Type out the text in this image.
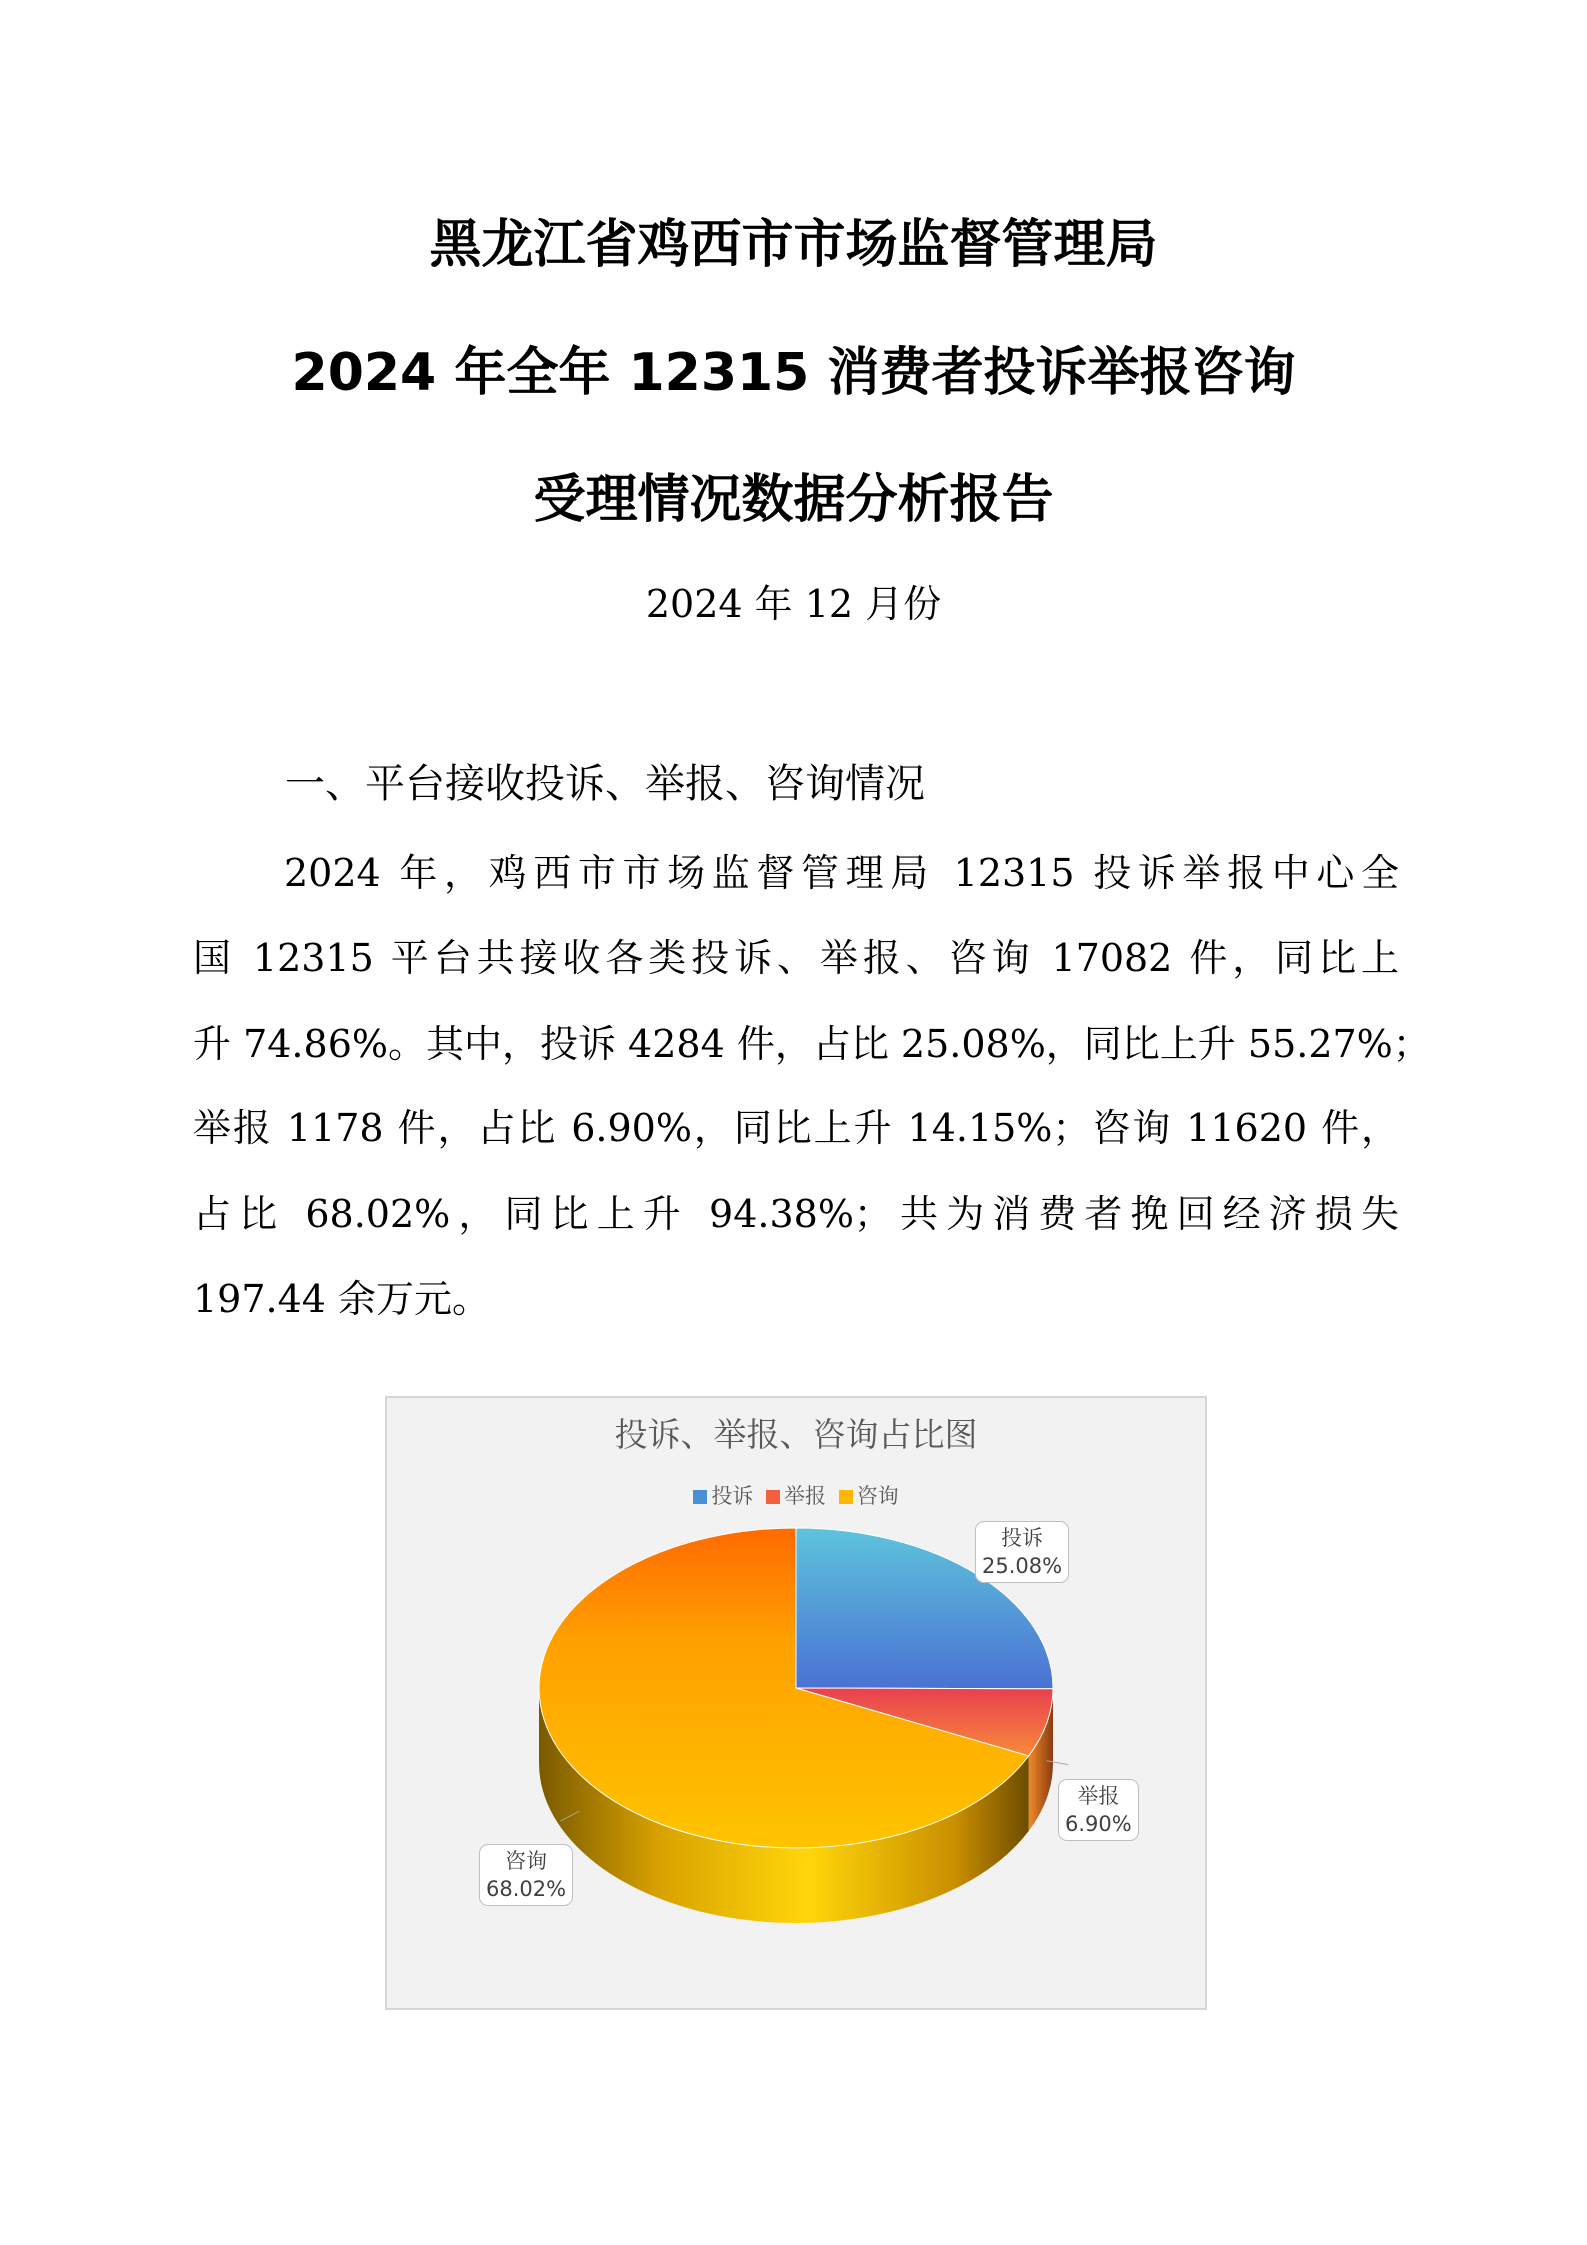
黑龙江省鸡西市市场监督管理局
2024 年全年 12315 消费者投诉举报咨询
受理情况数据分析报告
2024 年 12 月份
一、平台接收投诉、举报、咨询情况
2024 年，鸡西市市场监督管理局 12315 投诉举报中心全
国 12315 平台共接收各类投诉、举报、咨询 17082 件，同比上
升 74.86%。其中，投诉 4284 件，占比 25.08%，同比上升 55.27%；
举报 1178 件，占比 6.90%，同比上升 14.15%；咨询 11620 件，
占比 68.02%，同比上升 94.38%；共为消费者挽回经济损失
197.44 余万元。
投诉、举报、咨询占比图
投诉 举报 咨询
投诉
25.08%
举报
6.90%
咨询
68.02%
